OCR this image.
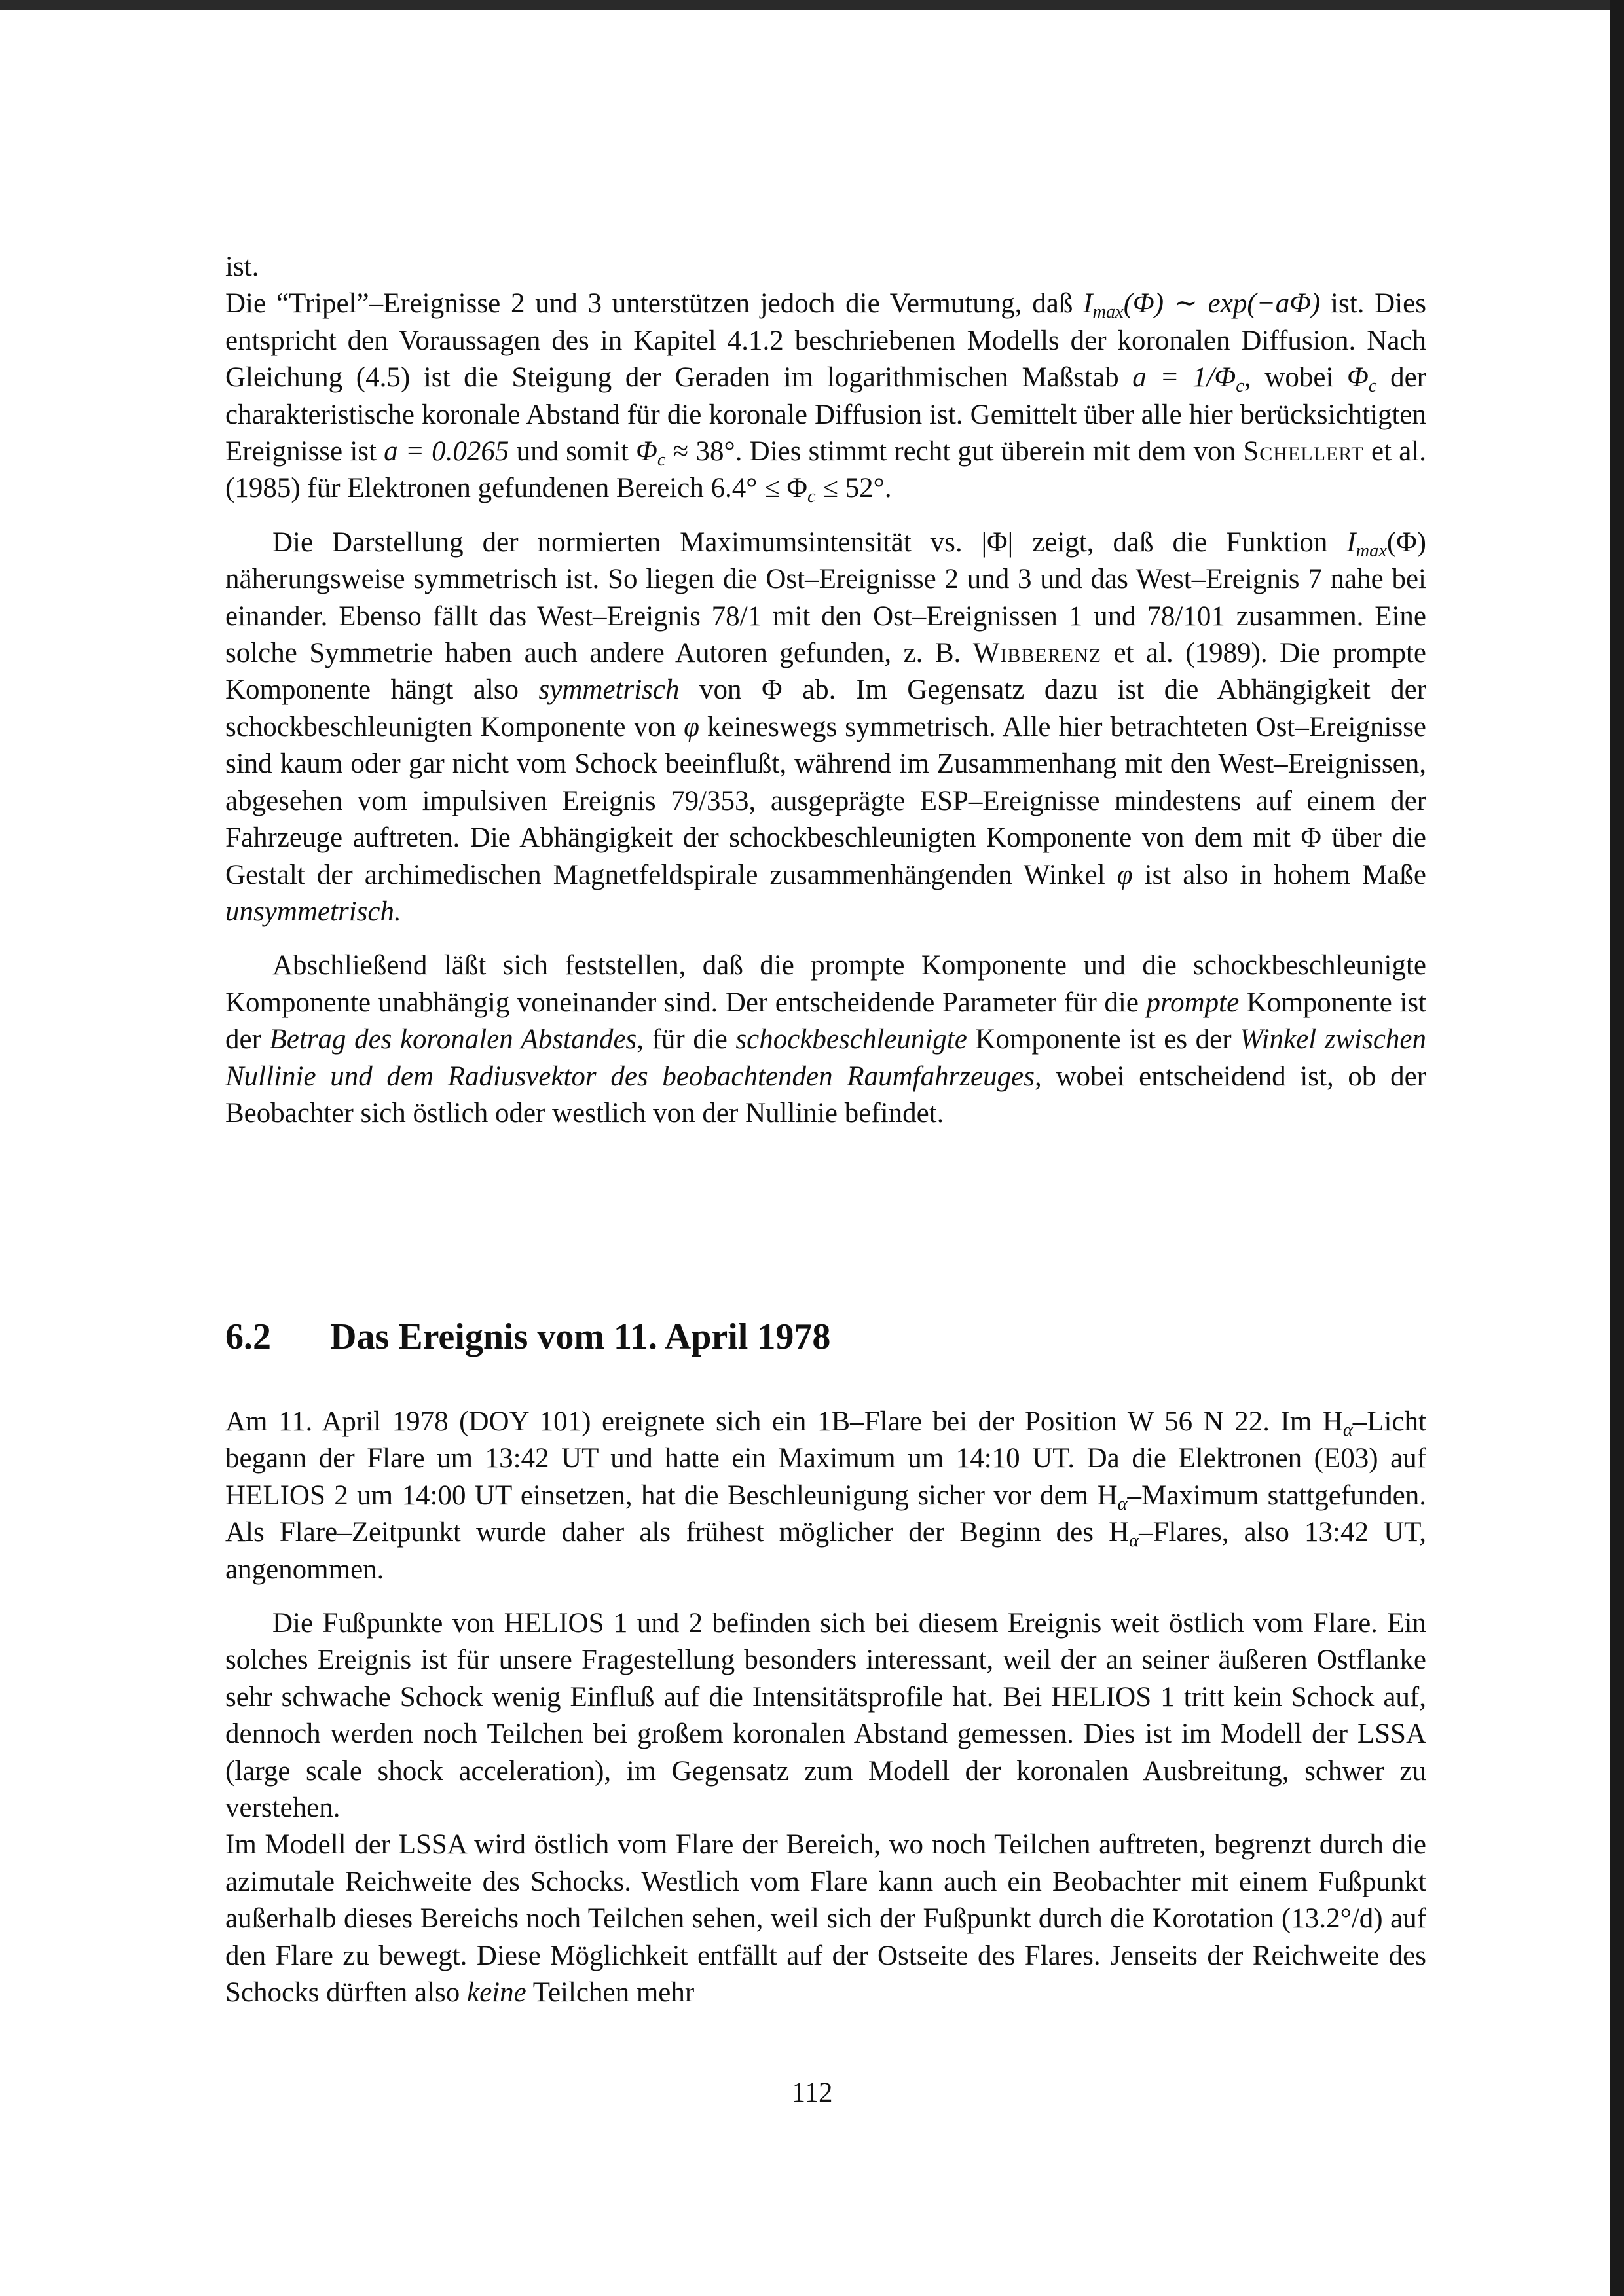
ist.
Die “Tripel”–Ereignisse 2 und 3 unterstützen jedoch die Vermutung, daß $I_{max}(\Phi)$ ∼ exp(−aΦ) ist. Dies entspricht den Voraussagen des in Kapitel 4.1.2 beschriebenen Modells der koronalen Diffusion. Nach Gleichung (4.5) ist die Steigung der Geraden im logarithmischen Maßstab $a = 1/\Phi_c$, wobei $\Phi_c$ der charakteristische koronale Abstand für die koronale Diffusion ist. Gemittelt über alle hier berücksichtigten Ereignisse ist a = 0.0265 und somit $\Phi_c \approx 38^\circ$. Dies stimmt recht gut überein mit dem von Schellert et al. (1985) für Elektronen gefundenen Bereich $6.4^\circ \le \Phi_c \le 52^\circ$.

Die Darstellung der normierten Maximumsintensität vs. |Φ| zeigt, daß die Funktion $I_{max}(\Phi)$ näherungsweise symmetrisch ist. So liegen die Ost–Ereignisse 2 und 3 und das West–Ereignis 7 nahe bei einander. Ebenso fällt das West–Ereignis 78/1 mit den Ost–Ereignissen 1 und 78/101 zusammen. Eine solche Symmetrie haben auch andere Autoren gefunden, z. B. Wibberenz et al. (1989). Die prompte Komponente hängt also symmetrisch von Φ ab. Im Gegensatz dazu ist die Abhängigkeit der schockbeschleunigten Komponente von φ keineswegs symmetrisch. Alle hier betrachteten Ost–Ereignisse sind kaum oder gar nicht vom Schock beeinflußt, während im Zusammenhang mit den West–Ereignissen, abgesehen vom impulsiven Ereignis 79/353, ausgeprägte ESP–Ereignisse mindestens auf einem der Fahrzeuge auftreten. Die Abhängigkeit der schockbeschleunigten Komponente von dem mit Φ über die Gestalt der archimedischen Magnetfeldspirale zusammenhängenden Winkel φ ist also in hohem Maße unsymmetrisch.

Abschließend läßt sich feststellen, daß die prompte Komponente und die schockbeschleunigte Komponente unabhängig voneinander sind. Der entscheidende Parameter für die prompte Komponente ist der Betrag des koronalen Abstandes, für die schockbeschleunigte Komponente ist es der Winkel zwischen Nullinie und dem Radiusvektor des beobachtenden Raumfahrzeuges, wobei entscheidend ist, ob der Beobachter sich östlich oder westlich von der Nullinie befindet.

6.2 Das Ereignis vom 11. April 1978

Am 11. April 1978 (DOY 101) ereignete sich ein 1B–Flare bei der Position W 56 N 22. Im $H_\alpha$–Licht begann der Flare um 13:42 UT und hatte ein Maximum um 14:10 UT. Da die Elektronen (E03) auf HELIOS 2 um 14:00 UT einsetzen, hat die Beschleunigung sicher vor dem $H_\alpha$–Maximum stattgefunden. Als Flare–Zeitpunkt wurde daher als frühest möglicher der Beginn des $H_\alpha$–Flares, also 13:42 UT, angenommen.

Die Fußpunkte von HELIOS 1 und 2 befinden sich bei diesem Ereignis weit östlich vom Flare. Ein solches Ereignis ist für unsere Fragestellung besonders interessant, weil der an seiner äußeren Ostflanke sehr schwache Schock wenig Einfluß auf die Intensitätsprofile hat. Bei HELIOS 1 tritt kein Schock auf, dennoch werden noch Teilchen bei großem koronalen Abstand gemessen. Dies ist im Modell der LSSA (large scale shock acceleration), im Gegensatz zum Modell der koronalen Ausbreitung, schwer zu verstehen.

Im Modell der LSSA wird östlich vom Flare der Bereich, wo noch Teilchen auftreten, begrenzt durch die azimutale Reichweite des Schocks. Westlich vom Flare kann auch ein Beobachter mit einem Fußpunkt außerhalb dieses Bereichs noch Teilchen sehen, weil sich der Fußpunkt durch die Korotation (13.2°/d) auf den Flare zu bewegt. Diese Möglichkeit entfällt auf der Ostseite des Flares. Jenseits der Reichweite des Schocks dürften also keine Teilchen mehr

112
